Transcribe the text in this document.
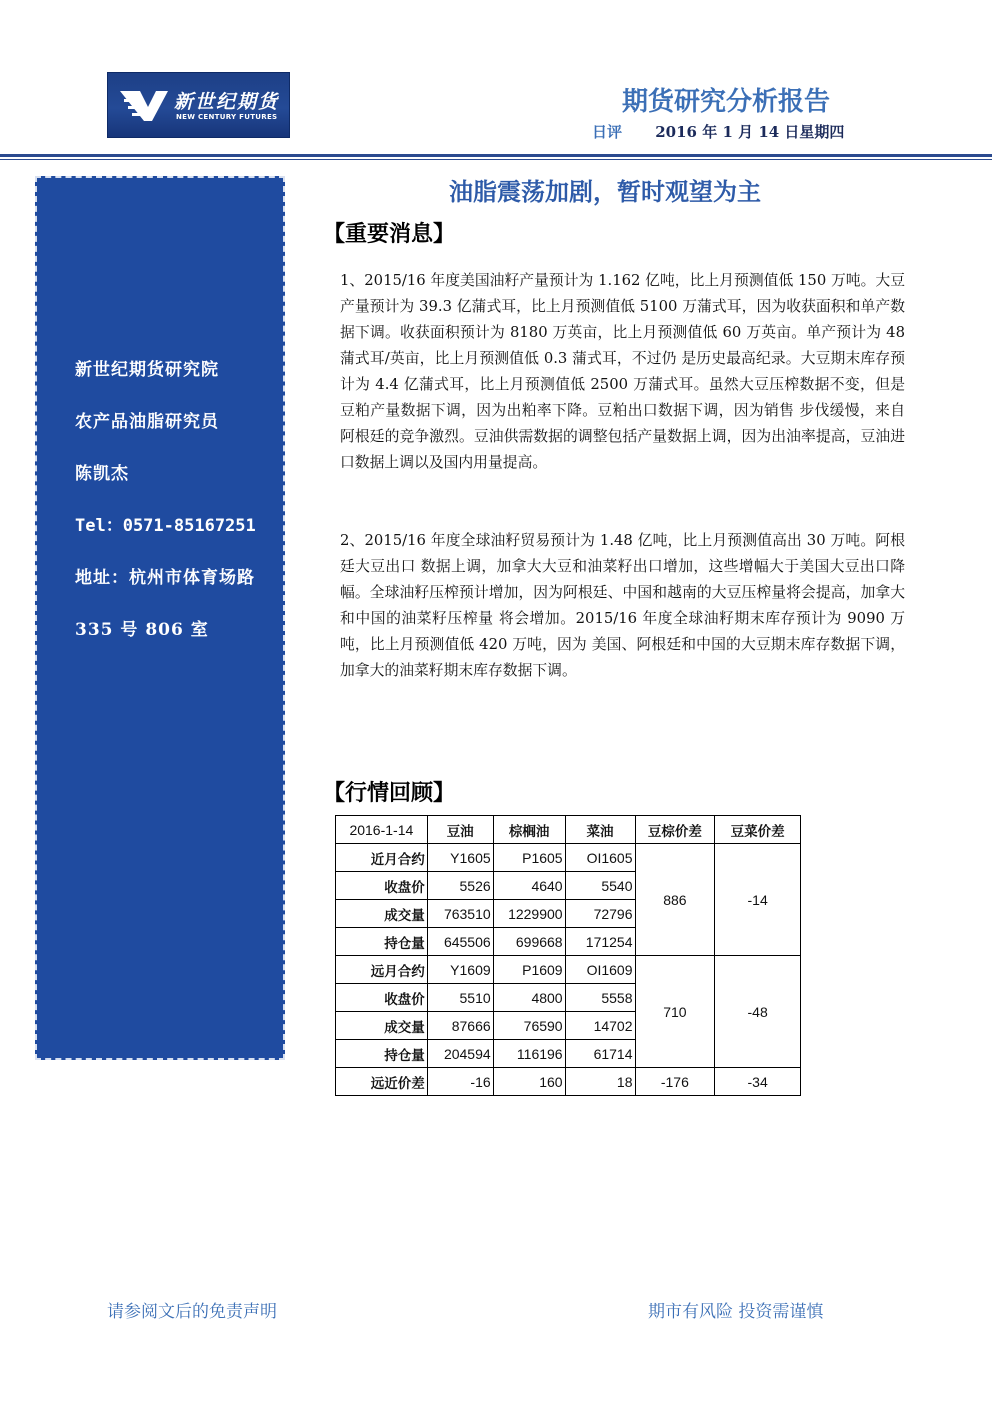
新世纪期货
NEW CENTURY FUTURES	期货研究分析报告
日评 2016 年 1 月 14 日星期四
新世纪期货研究院
农产品油脂研究员
陈凯杰
Tel：0571-85167251
地址：杭州市体育场路
335 号 806 室
油脂震荡加剧，暂时观望为主
【重要消息】
1、2015/16 年度美国油籽产量预计为 1.162 亿吨，比上月预测值低 150 万吨。大豆产量预计为 39.3 亿蒲式耳，比上月预测值低 5100 万蒲式耳，因为收获面积和单产数据下调。收获面积预计为 8180 万英亩，比上月预测值低 60 万英亩。单产预计为 48 蒲式耳/英亩，比上月预测值低 0.3 蒲式耳，不过仍 是历史最高纪录。大豆期末库存预计为 4.4 亿蒲式耳，比上月预测值低 2500 万蒲式耳。虽然大豆压榨数据不变，但是豆粕产量数据下调，因为出粕率下降。豆粕出口数据下调，因为销售 步伐缓慢，来自阿根廷的竞争激烈。豆油供需数据的调整包括产量数据上调，因为出油率提高，豆油进口数据上调以及国内用量提高。
2、2015/16 年度全球油籽贸易预计为 1.48 亿吨，比上月预测值高出 30 万吨。阿根廷大豆出口 数据上调，加拿大大豆和油菜籽出口增加，这些增幅大于美国大豆出口降幅。全球油籽压榨预计增加，因为阿根廷、中国和越南的大豆压榨量将会提高，加拿大和中国的油菜籽压榨量 将会增加。2015/16 年度全球油籽期末库存预计为 9090 万吨，比上月预测值低 420 万吨，因为 美国、阿根廷和中国的大豆期末库存数据下调，加拿大的油菜籽期末库存数据下调。
【行情回顾】
2016-1-14	豆油	棕榈油	菜油	豆棕价差	豆菜价差
近月合约	Y1605	P1605	OI1605	886	-14
收盘价	5526	4640	5540		
成交量	763510	1229900	72796		
持仓量	645506	699668	171254		
远月合约	Y1609	P1609	OI1609	710	-48
收盘价	5510	4800	5558		
成交量	87666	76590	14702		
持仓量	204594	116196	61714		
远近价差	-16	160	18	-176	-34
请参阅文后的免责声明	期市有风险 投资需谨慎
